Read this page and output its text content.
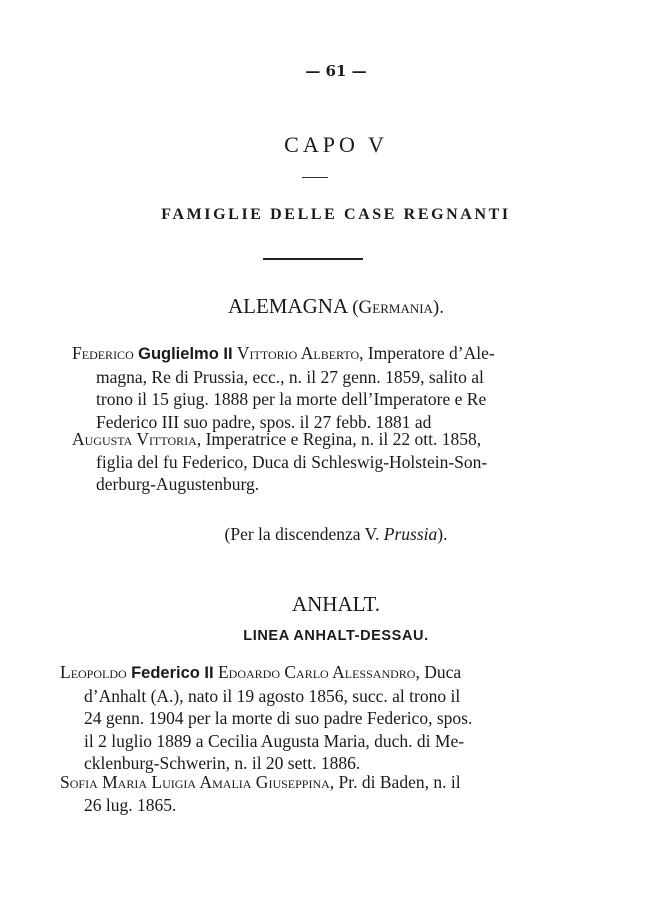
— 61 —
CAPO V
FAMIGLIE DELLE CASE REGNANTI
ALEMAGNA (Germania).
Federico Guglielmo II Vittorio Alberto, Imperatore d’Ale-
magna, Re di Prussia, ecc., n. il 27 genn. 1859, salito al
trono il 15 giug. 1888 per la morte dell’Imperatore e Re
Federico III suo padre, spos. il 27 febb. 1881 ad
Augusta Vittoria, Imperatrice e Regina, n. il 22 ott. 1858,
figlia del fu Federico, Duca di Schleswig-Holstein-Son-
derburg-Augustenburg.
(Per la discendenza V. Prussia).
ANHALT.
LINEA ANHALT-DESSAU.
Leopoldo Federico II Edoardo Carlo Alessandro, Duca
d’Anhalt (A.), nato il 19 agosto 1856, succ. al trono il
24 genn. 1904 per la morte di suo padre Federico, spos.
il 2 luglio 1889 a Cecilia Augusta Maria, duch. di Me-
cklenburg-Schwerin, n. il 20 sett. 1886.
Sofia Maria Luigia Amalia Giuseppina, Pr. di Baden, n. il
26 lug. 1865.
